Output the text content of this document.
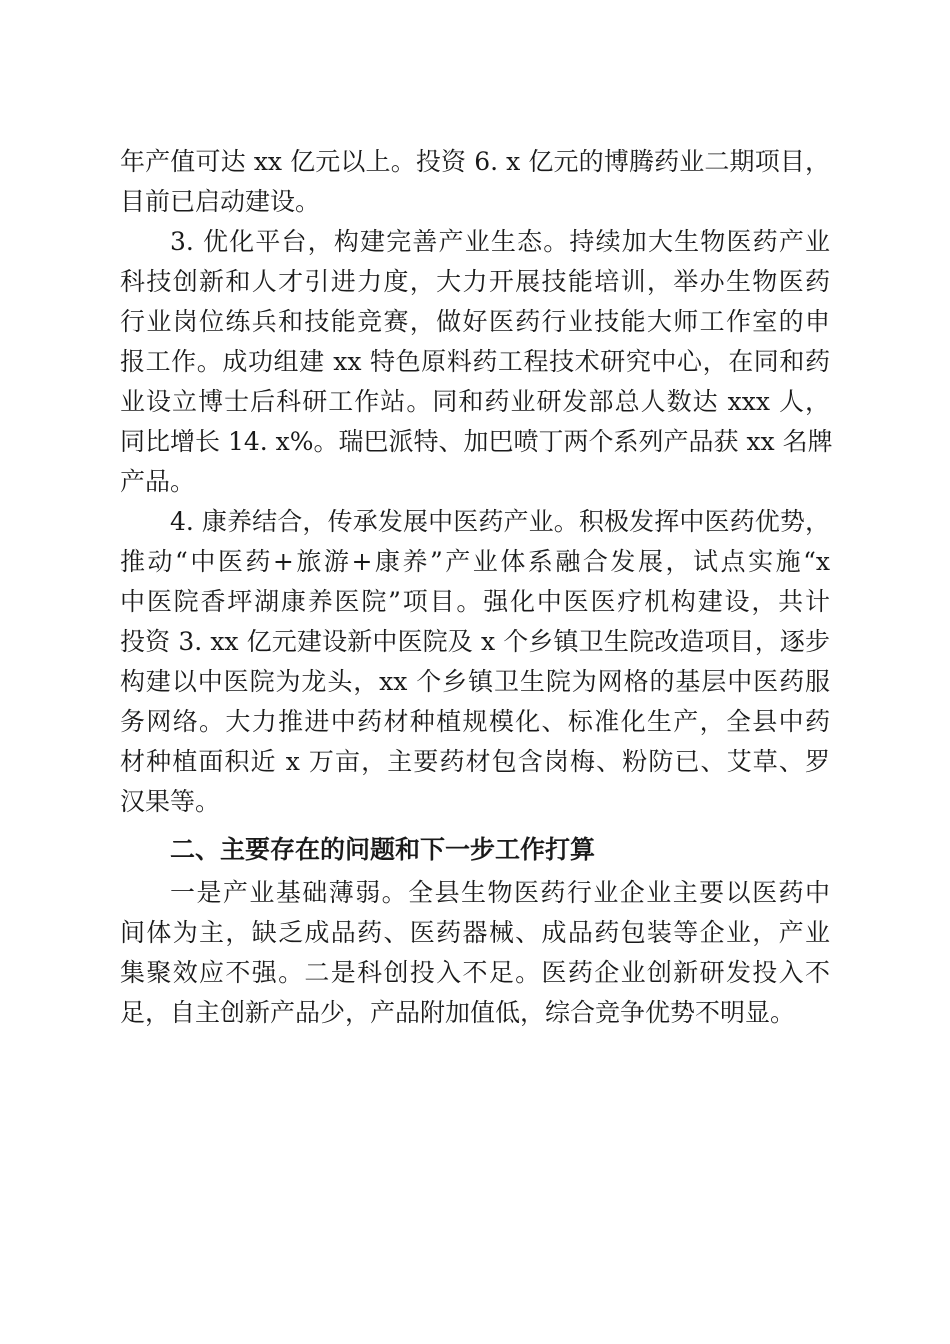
年产值可达 xx 亿元以上。投资 6. x 亿元的博腾药业二期项目，
目前已启动建设。
3. 优化平台，构建完善产业生态。持续加大生物医药产业
科技创新和人才引进力度，大力开展技能培训，举办生物医药
行业岗位练兵和技能竞赛，做好医药行业技能大师工作室的申
报工作。成功组建 xx 特色原料药工程技术研究中心，在同和药
业设立博士后科研工作站。同和药业研发部总人数达 xxx 人，
同比增长 14. x%。瑞巴派特、加巴喷丁两个系列产品获 xx 名牌
产品。
4. 康养结合，传承发展中医药产业。积极发挥中医药优势，
推动“中医药+旅游+康养”产业体系融合发展，试点实施“x
中医院香坪湖康养医院”项目。强化中医医疗机构建设，共计
投资 3. xx 亿元建设新中医院及 x 个乡镇卫生院改造项目，逐步
构建以中医院为龙头，xx 个乡镇卫生院为网格的基层中医药服
务网络。大力推进中药材种植规模化、标准化生产，全县中药
材种植面积近 x 万亩，主要药材包含岗梅、粉防已、艾草、罗
汉果等。
二、主要存在的问题和下一步工作打算
一是产业基础薄弱。全县生物医药行业企业主要以医药中
间体为主，缺乏成品药、医药器械、成品药包装等企业，产业
集聚效应不强。二是科创投入不足。医药企业创新研发投入不
足，自主创新产品少，产品附加值低，综合竞争优势不明显。
